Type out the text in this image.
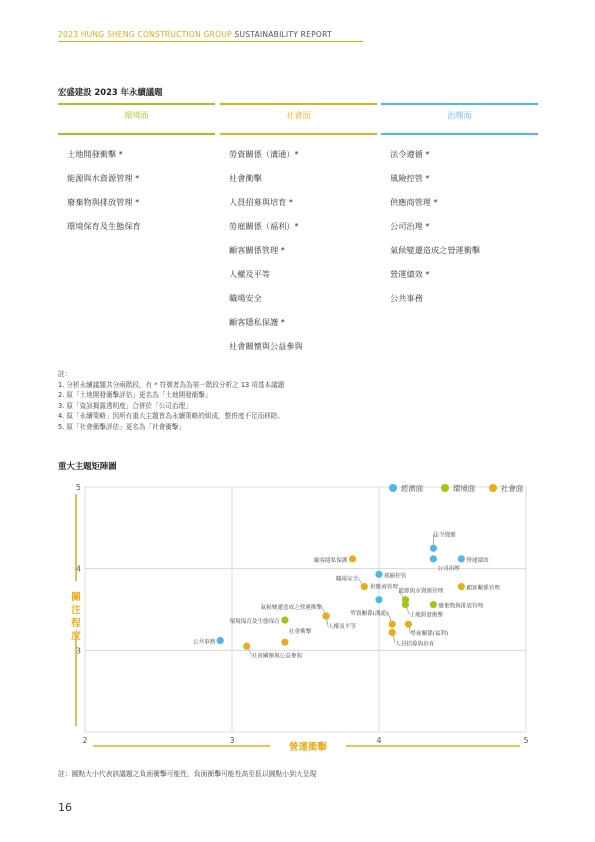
2023 HUNG SHENG CONSTRUCTION GROUP SUSTAINABILITY REPORT
宏盛建設 2023 年永續議題
環境面
土地開發衝擊 *
能源與水資源管理 *
廢棄物與排放管理 *
環境保育及生態保育
社會面
勞資關係（溝通）*
社會衝擊
人員招募與培育 *
勞雇關係（福利）*
顧客關係管理 *
人權及平等
職場安全
顧客隱私保護 *
社會關懷與公益參與
治理面
法令遵循 *
風險控管 *
供應商管理 *
公司治理 *
氣候變遷造成之營運衝擊
營運績效 *
公共事務
註：
1. 分析永續議題共分兩階段，有 * 符號者為為第一階段分析之 13 項基本議題
2. 原「土地開發衝擊評估」更名為「土地開發衝擊」
3. 原「資訊揭露透明度」合併於「公司治理」
4. 原「永續策略」因所有重大主題皆為永續策略的組成，整併度不足而移除。
5. 原「社會衝擊評估」更名為「社會衝擊」
重大主題矩陣圖
2	3	4	5
5
4
3
營運衝擊
關
注
程
度
經濟面	環境面	社會面
法令遵循
營運績效
公司治理
顧客隱私保護
風險控管
職場安全
供應商管理	顧客關係管理
能源與水資源管理
廢棄物與排放管理
土地開發衝擊
氣候變遷造成之營運衝擊
人權及平等
環境保育及生態保育
勞資關係(溝通)
勞雇關係(福利)
人員招募與培育
社會衝擊
公共事務
社會關懷與公益參與
註：圓點大小代表該議題之負面衝擊可能性，負面衝擊可能性高至低以圓點小到大呈現
16
